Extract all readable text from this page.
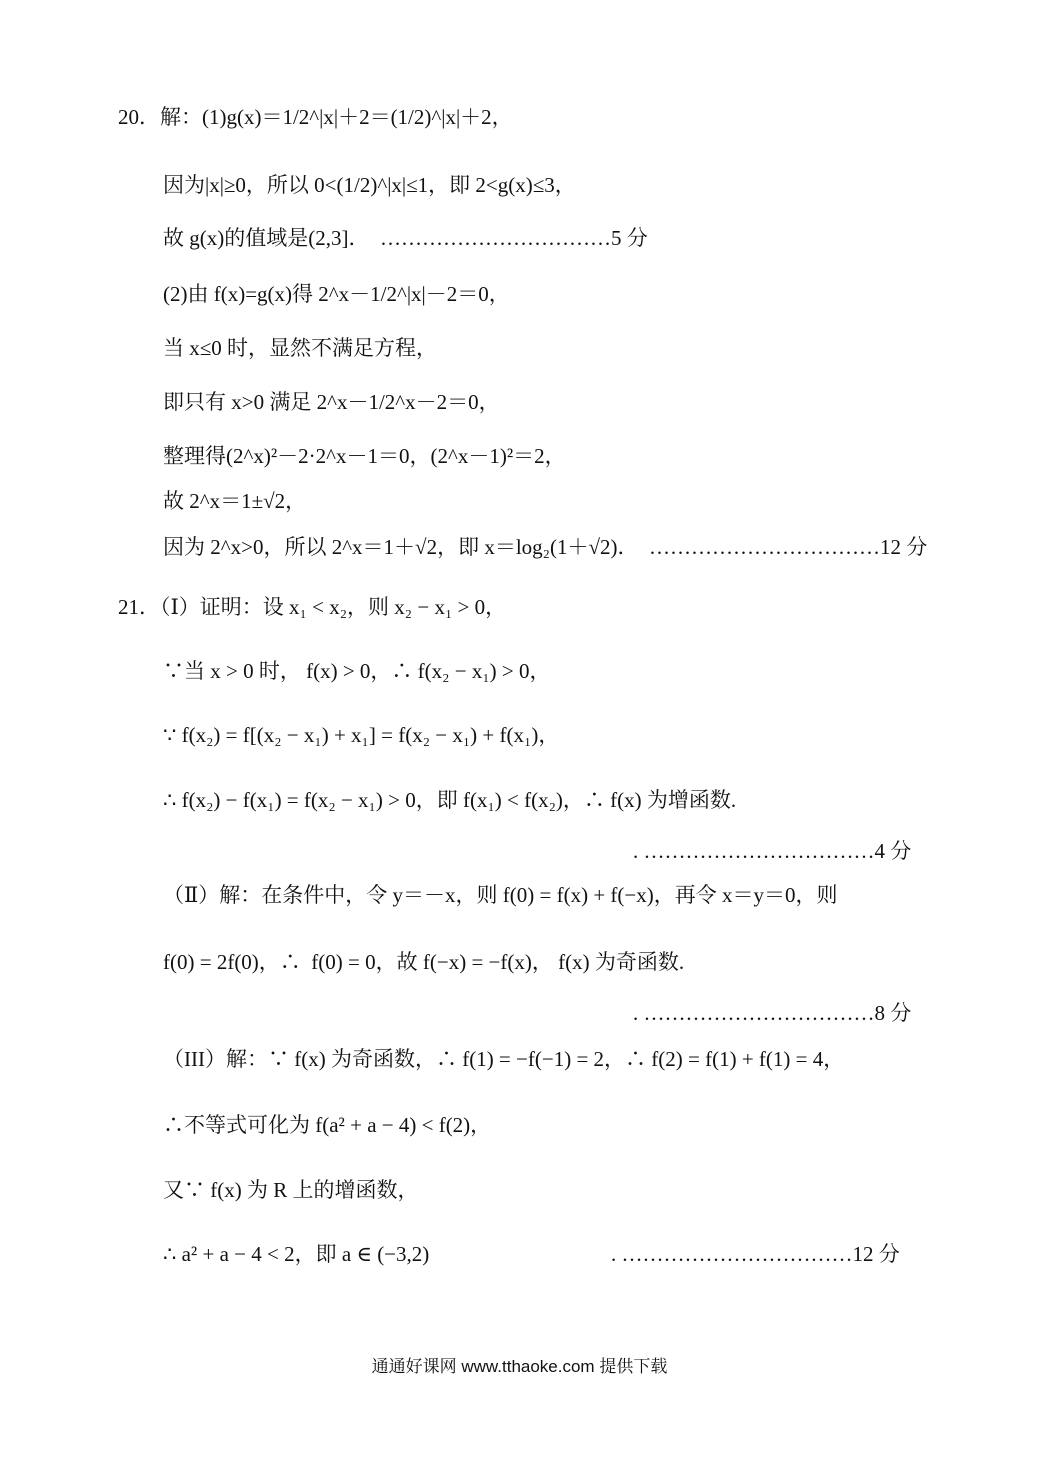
20．解：(1)g(x)＝1/2^|x|＋2＝(1/2)^|x|＋2，
因为|x|≥0，所以 0<(1/2)^|x|≤1，即 2<g(x)≤3，
故 g(x)的值域是(2,3]．  ……………………………5 分
(2)由 f(x)=g(x)得 2^x－1/2^|x|－2＝0，
当 x≤0 时，显然不满足方程，
即只有 x>0 满足 2^x－1/2^x－2＝0，
整理得(2^x)²－2·2^x－1＝0，(2^x－1)²＝2，
故 2^x＝1±√2，
因为 2^x>0，所以 2^x＝1＋√2，即 x＝log₂(1＋√2)．  ……………………………12 分
21．（Ⅰ）证明：设 x₁ < x₂，则 x₂ − x₁ > 0，
∵当 x > 0 时， f(x) > 0，∴ f(x₂ − x₁) > 0，
∵ f(x₂) = f[(x₂ − x₁) + x₁] = f(x₂ − x₁) + f(x₁)，
∴ f(x₂) − f(x₁) = f(x₂ − x₁) > 0，即 f(x₁) < f(x₂)，∴ f(x) 为增函数.
. ……………………………4 分
（Ⅱ）解：在条件中，令 y＝－x，则 f(0) = f(x) + f(−x)，再令 x＝y＝0，则
f(0) = 2f(0)，∴  f(0) = 0，故 f(−x) = −f(x)， f(x) 为奇函数.
. ……………………………8 分
（III）解：∵ f(x) 为奇函数，∴ f(1) = −f(−1) = 2，∴ f(2) = f(1) + f(1) = 4，
∴不等式可化为 f(a² + a − 4) < f(2)，
又∵ f(x) 为 R 上的增函数，
∴ a² + a − 4 < 2，即 a ∈ (−3,2)	. ……………………………12 分
通通好课网 www.tthaoke.com 提供下载
